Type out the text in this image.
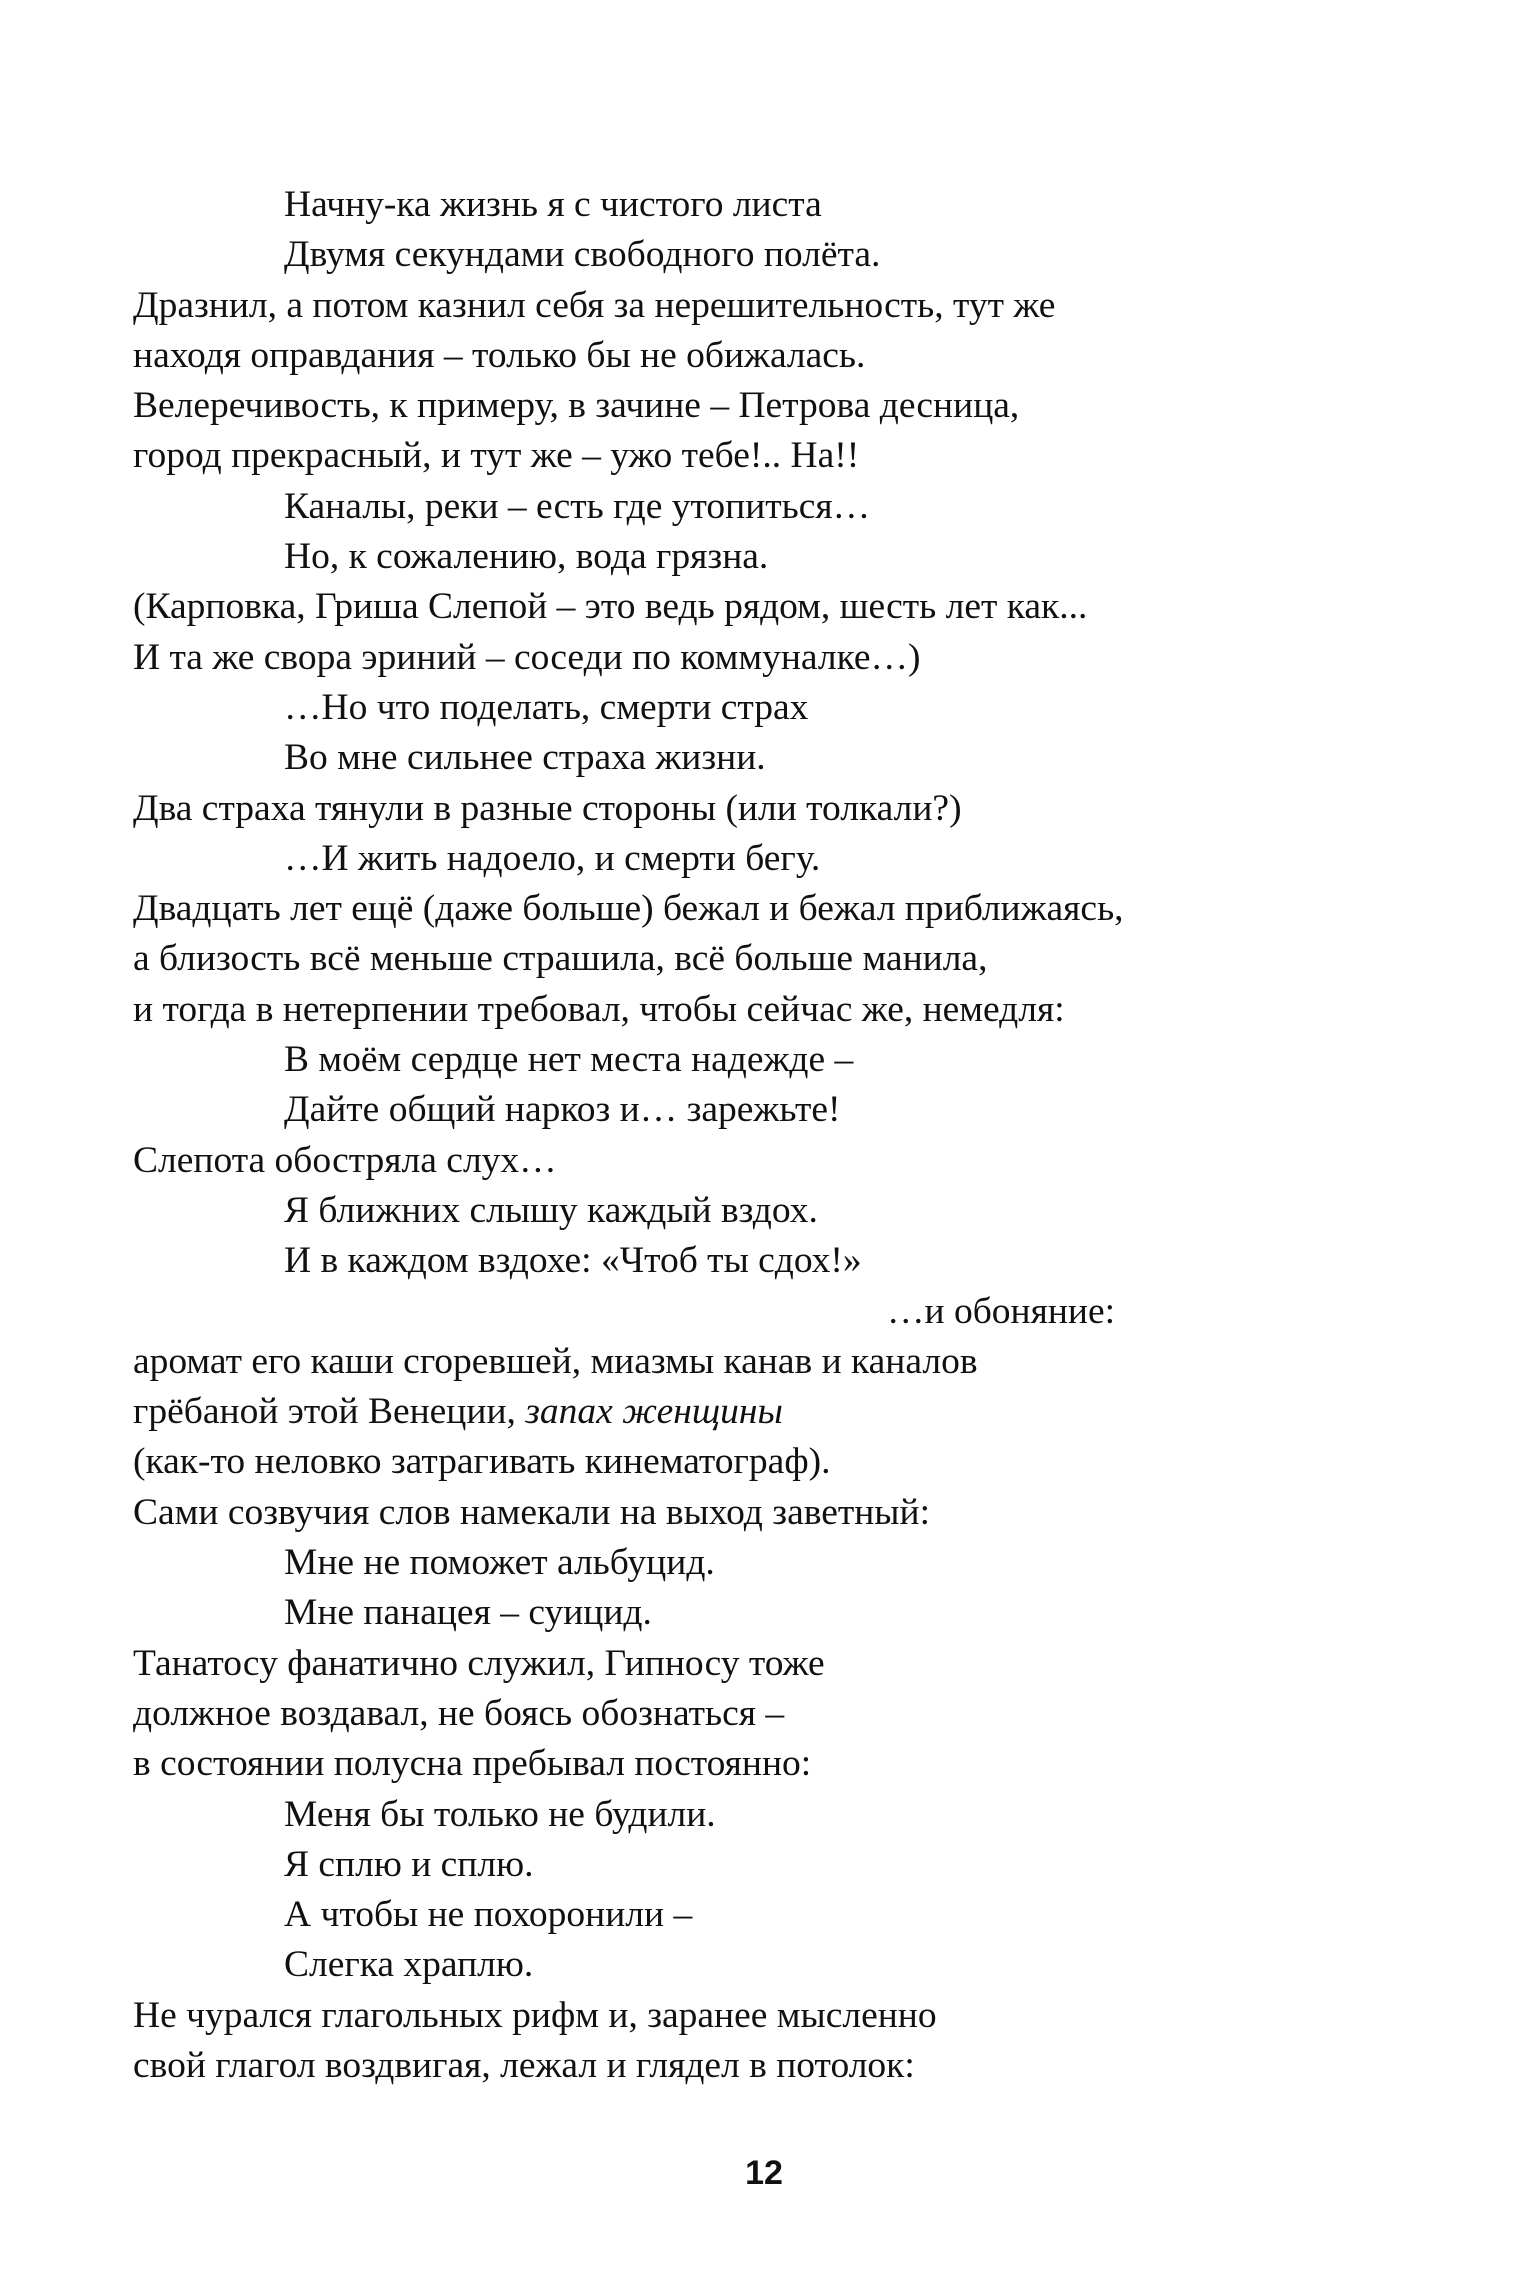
Начну-ка жизнь я с чистого листа
Двумя секундами свободного полёта.
Дразнил, а потом казнил себя за нерешительность, тут же
находя оправдания – только бы не обижалась.
Велеречивость, к примеру, в зачине – Петрова десница,
город прекрасный, и тут же – ужо тебе!.. На!!
Каналы, реки – есть где утопиться…
Но, к сожалению, вода грязна.
(Карповка, Гриша Слепой – это ведь рядом, шесть лет как...
И та же свора эриний – соседи по коммуналке…)
…Но что поделать, смерти страх
Во мне сильнее страха жизни.
Два страха тянули в разные стороны (или толкали?)
…И жить надоело, и смерти бегу.
Двадцать лет ещё (даже больше) бежал и бежал приближаясь,
а близость всё меньше страшила, всё больше манила,
и тогда в нетерпении требовал, чтобы сейчас же, немедля:
В моём сердце нет места надежде –
Дайте общий наркоз и… зарежьте!
Слепота обостряла слух…
Я ближних слышу каждый вздох.
И в каждом вздохе: «Чтоб ты сдох!»
…и обоняние:
аромат его каши сгоревшей, миазмы канав и каналов
грёбаной этой Венеции, запах женщины
(как-то неловко затрагивать кинематограф).
Сами созвучия слов намекали на выход заветный:
Мне не поможет альбуцид.
Мне панацея – суицид.
Танатосу фанатично служил, Гипносу тоже
должное воздавал, не боясь обознаться –
в состоянии полусна пребывал постоянно:
Меня бы только не будили.
Я сплю и сплю.
А чтобы не похоронили –
Слегка храплю.
Не чурался глагольных рифм и, заранее мысленно
свой глагол воздвигая, лежал и глядел в потолок:
12
